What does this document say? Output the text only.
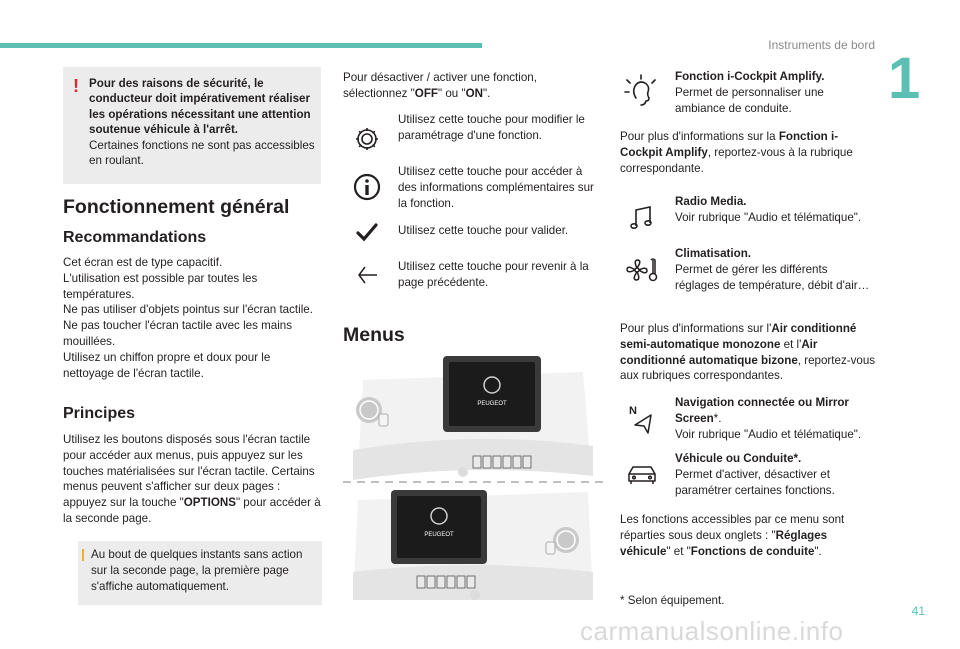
Instruments de bord
1
! Pour des raisons de sécurité, le conducteur doit impérativement réaliser les opérations nécessitant une attention soutenue véhicule à l'arrêt.
Certaines fonctions ne sont pas accessibles en roulant.
Fonctionnement général
Recommandations
Cet écran est de type capacitif.
L'utilisation est possible par toutes les températures.
Ne pas utiliser d'objets pointus sur l'écran tactile.
Ne pas toucher l'écran tactile avec les mains mouillées.
Utilisez un chiffon propre et doux pour le nettoyage de l'écran tactile.
Principes
Utilisez les boutons disposés sous l'écran tactile pour accéder aux menus, puis appuyez sur les touches matérialisées sur l'écran tactile. Certains menus peuvent s'afficher sur deux pages : appuyez sur la touche "OPTIONS" pour accéder à la seconde page.
Au bout de quelques instants sans action sur la seconde page, la première page s'affiche automatiquement.
Pour désactiver / activer une fonction, sélectionnez "OFF" ou "ON".
Utilisez cette touche pour modifier le paramétrage d'une fonction.
Utilisez cette touche pour accéder à des informations complémentaires sur la fonction.
Utilisez cette touche pour valider.
Utilisez cette touche pour revenir à la page précédente.
Menus
PEUGEOT
PEUGEOT
Fonction i-Cockpit Amplify.
Permet de personnaliser une ambiance de conduite.
Pour plus d'informations sur la Fonction i-Cockpit Amplify, reportez-vous à la rubrique correspondante.
Radio Media.
Voir rubrique "Audio et télématique".
Climatisation.
Permet de gérer les différents réglages de température, débit d'air…
Pour plus d'informations sur l'Air conditionné semi-automatique monozone et l'Air conditionné automatique bizone, reportez-vous aux rubriques correspondantes.
N
Navigation connectée ou Mirror Screen*.
Voir rubrique "Audio et télématique".
Véhicule ou Conduite*.
Permet d'activer, désactiver et paramétrer certaines fonctions.
Les fonctions accessibles par ce menu sont réparties sous deux onglets : "Réglages véhicule" et "Fonctions de conduite".
* Selon équipement.
41
carmanualsonline.info
